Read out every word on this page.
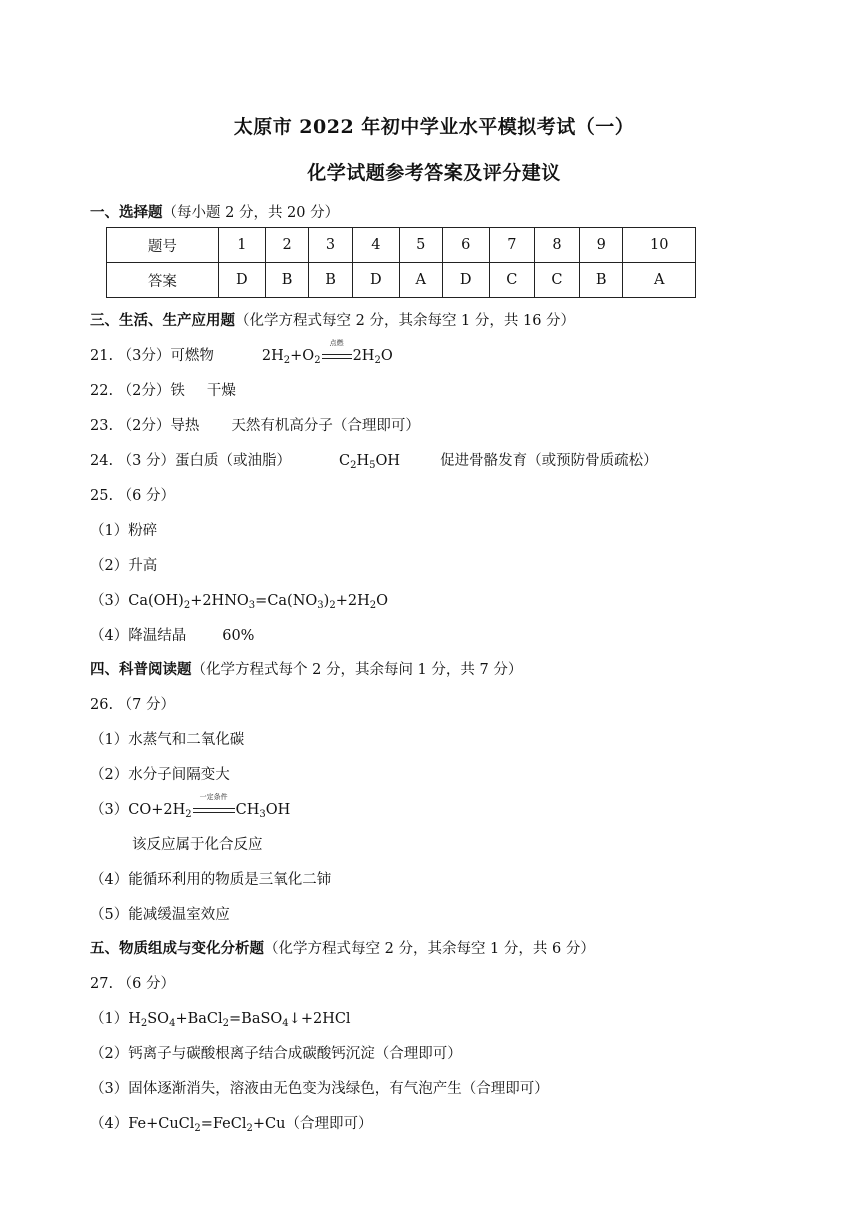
太原市 2022 年初中学业水平模拟考试（一）
化学试题参考答案及评分建议
一、选择题（每小题 2 分，共 20 分）
题号	1	2	3	4	5	6	7	8	9	10
答案	D	B	B	D	A	D	C	C	B	A
三、生活、生产应用题（化学方程式每空 2 分，其余每空 1 分，共 16 分）
21. （3分）可燃物	$2H_2+O_2$
点燃
$2H_2O$
22. （2分）铁 干燥
23. （2分）导热 天然有机高分子（合理即可）
24. （3 分）蛋白质（或油脂）	$C_2H_5OH$	促进骨骼发育（或预防骨质疏松）
25. （6 分）
（1）粉碎
（2）升高
$(3)Ca(OH)_2+2HNO_3=Ca(NO_3)_2+2H_2O$
（4）降温结晶 60%
四、科普阅读题（化学方程式每个 2 分，其余每问 1 分，共 7 分）
26. （7 分）
（1）水蒸气和二氧化碳
（2）水分子间隔变大
$(3)CO+2H_2$
一定条件
$CH_3OH$
该反应属于化合反应
（4）能循环利用的物质是三氧化二铈
（5）能减缓温室效应
五、物质组成与变化分析题（化学方程式每空 2 分，其余每空 1 分，共 6 分）
27. （6 分）
$(1)H_2SO_4+BaCl_2=BaSO_4↓+2HCl$
（2）钙离子与碳酸根离子结合成碳酸钙沉淀（合理即可）
（3）固体逐渐消失，溶液由无色变为浅绿色，有气泡产生（合理即可）
（4）Fe+CuCl$_2$=FeCl$_2$+Cu（合理即可）
